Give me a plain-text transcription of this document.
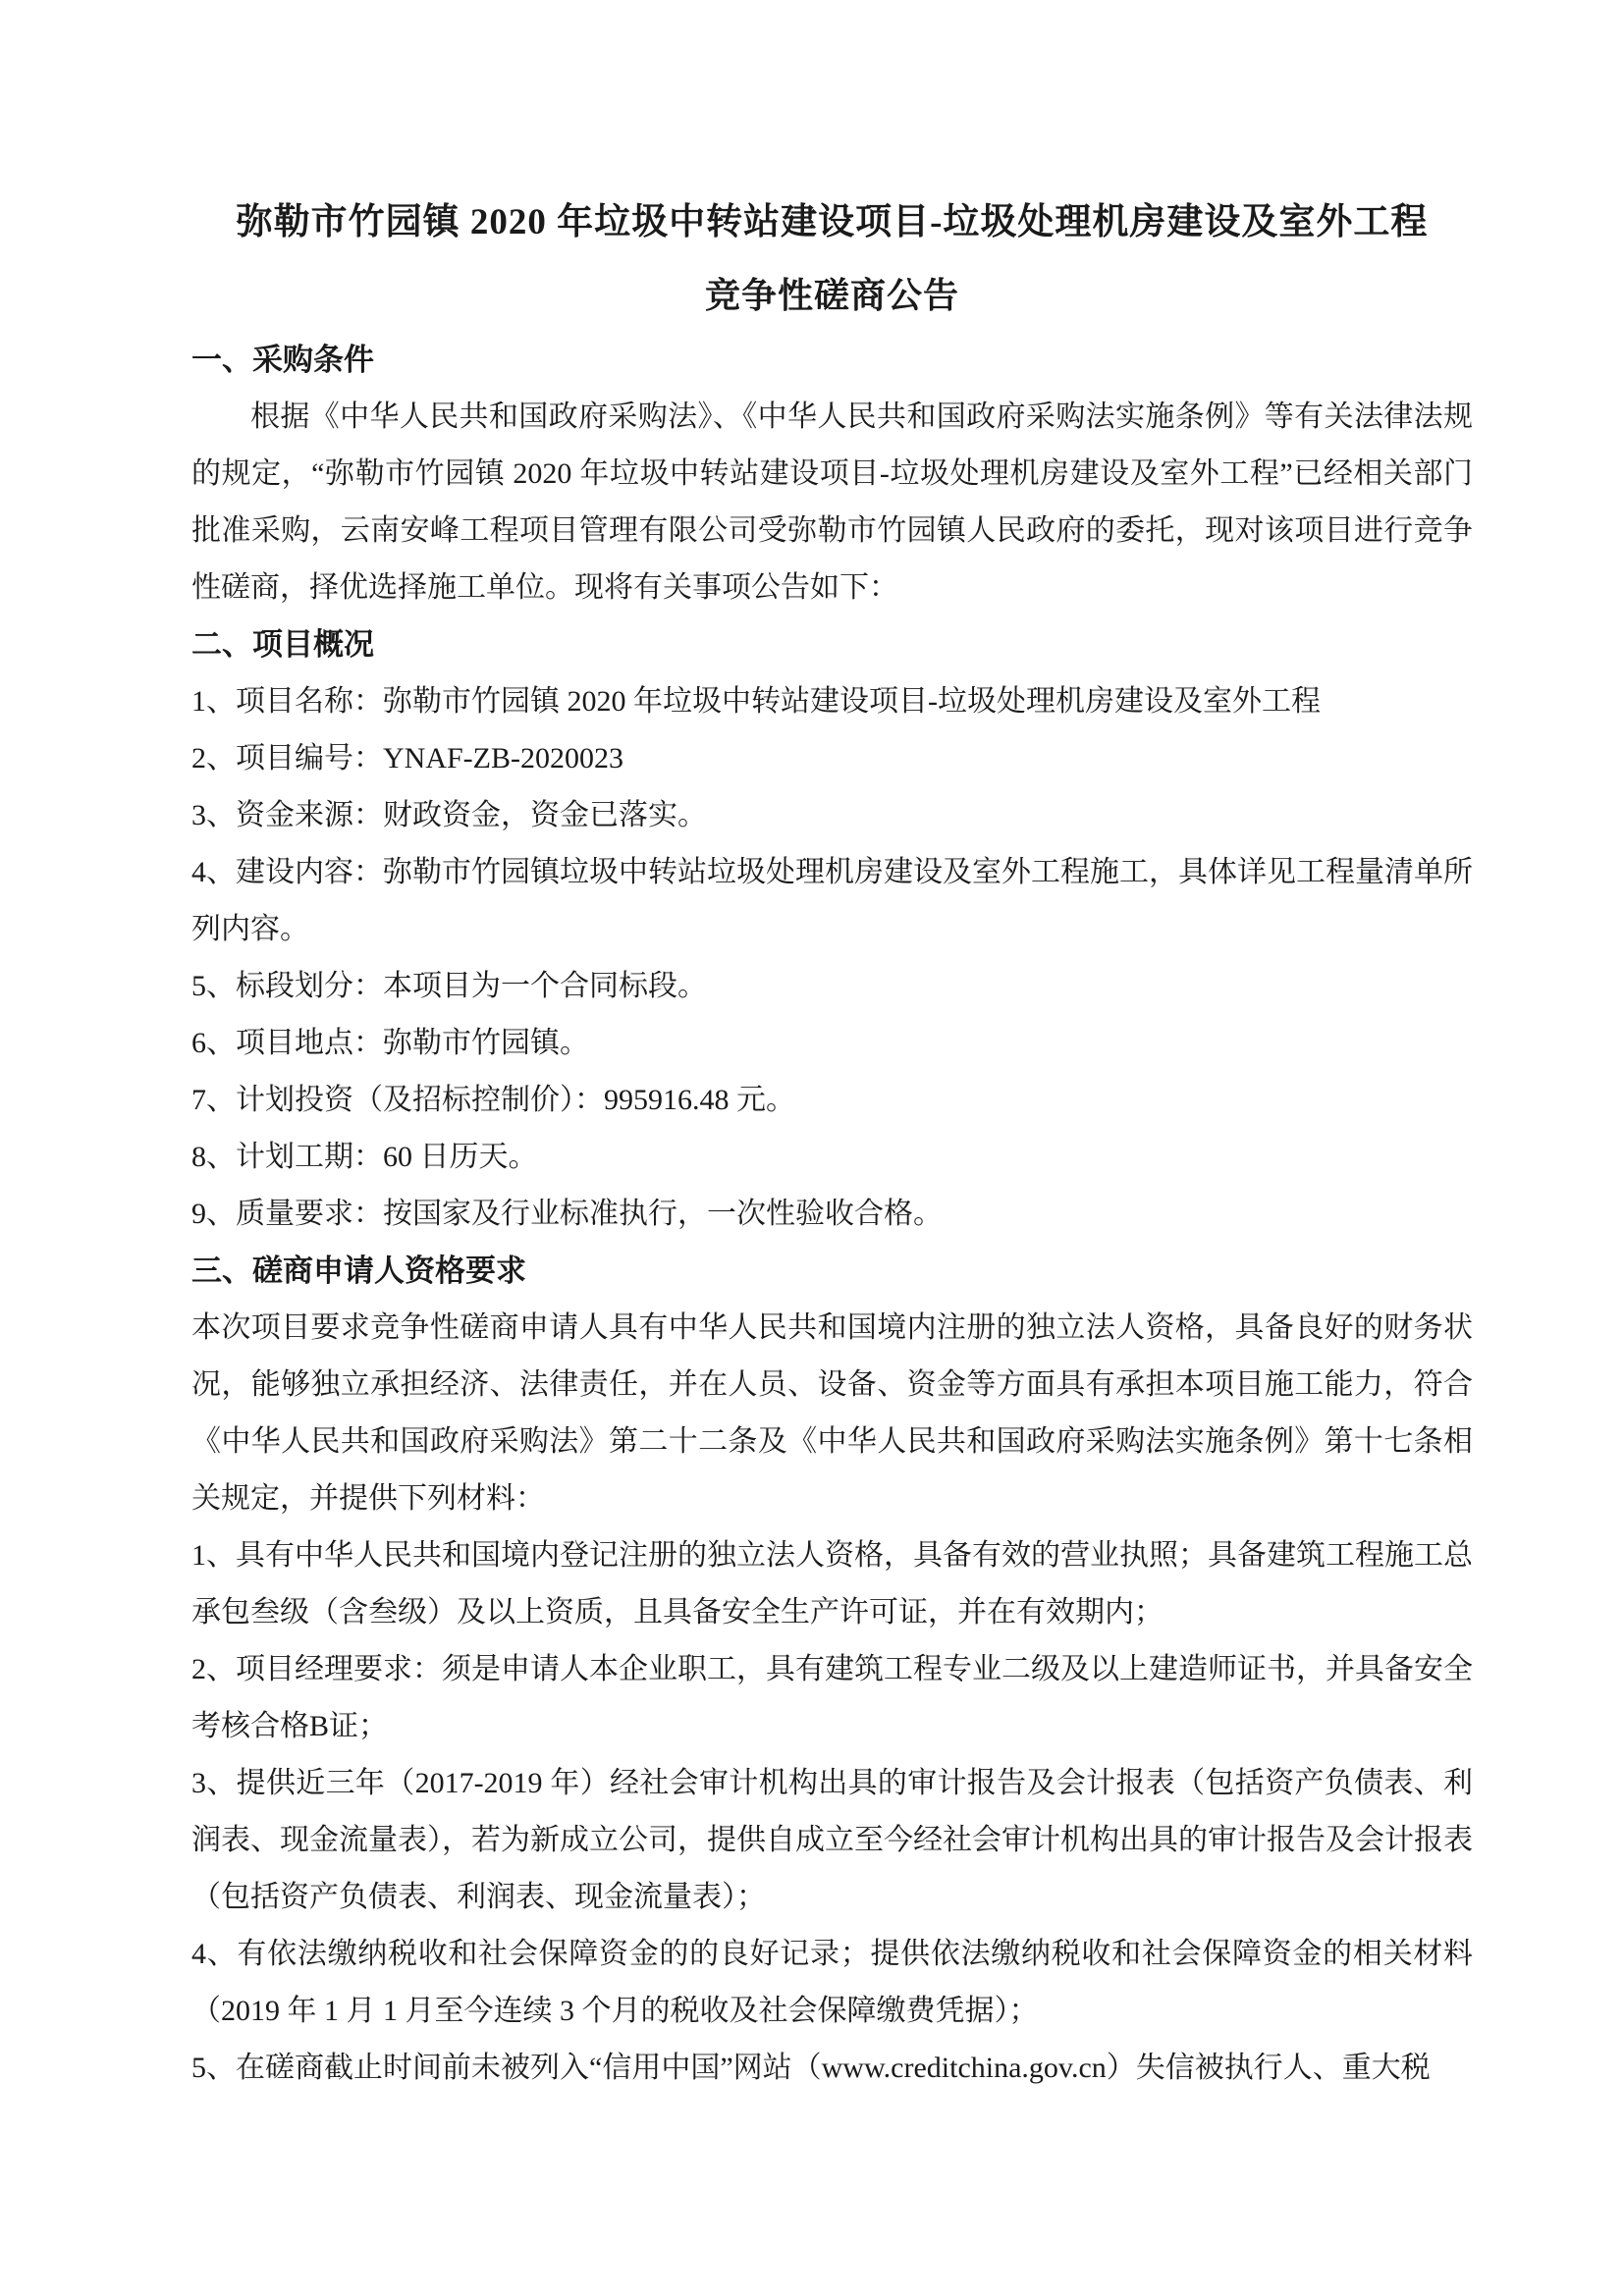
弥勒市竹园镇 2020 年垃圾中转站建设项目-垃圾处理机房建设及室外工程
竞争性磋商公告
一、采购条件

根据《中华人民共和国政府采购法》、《中华人民共和国政府采购法实施条例》等有关法律法规的规定，“弥勒市竹园镇 2020 年垃圾中转站建设项目-垃圾处理机房建设及室外工程”已经相关部门批准采购，云南安峰工程项目管理有限公司受弥勒市竹园镇人民政府的委托，现对该项目进行竞争性磋商，择优选择施工单位。现将有关事项公告如下：

二、项目概况

1、项目名称：弥勒市竹园镇 2020 年垃圾中转站建设项目-垃圾处理机房建设及室外工程

2、项目编号：YNAF-ZB-2020023

3、资金来源：财政资金，资金已落实。

4、建设内容：弥勒市竹园镇垃圾中转站垃圾处理机房建设及室外工程施工，具体详见工程量清单所列内容。

5、标段划分：本项目为一个合同标段。

6、项目地点：弥勒市竹园镇。

7、计划投资（及招标控制价）：995916.48 元。

8、计划工期：60 日历天。

9、质量要求：按国家及行业标准执行，一次性验收合格。

三、磋商申请人资格要求

本次项目要求竞争性磋商申请人具有中华人民共和国境内注册的独立法人资格，具备良好的财务状况，能够独立承担经济、法律责任，并在人员、设备、资金等方面具有承担本项目施工能力，符合《中华人民共和国政府采购法》第二十二条及《中华人民共和国政府采购法实施条例》第十七条相关规定，并提供下列材料：

1、具有中华人民共和国境内登记注册的独立法人资格，具备有效的营业执照；具备建筑工程施工总承包叁级（含叁级）及以上资质，且具备安全生产许可证，并在有效期内；

2、项目经理要求：须是申请人本企业职工，具有建筑工程专业二级及以上建造师证书，并具备安全考核合格B证；

3、提供近三年（2017-2019 年）经社会审计机构出具的审计报告及会计报表（包括资产负债表、利润表、现金流量表），若为新成立公司，提供自成立至今经社会审计机构出具的审计报告及会计报表（包括资产负债表、利润表、现金流量表）；

4、有依法缴纳税收和社会保障资金的的良好记录；提供依法缴纳税收和社会保障资金的相关材料（2019 年 1 月 1 月至今连续 3 个月的税收及社会保障缴费凭据）；

5、在磋商截止时间前未被列入“信用中国”网站（www.creditchina.gov.cn）失信被执行人、重大税
